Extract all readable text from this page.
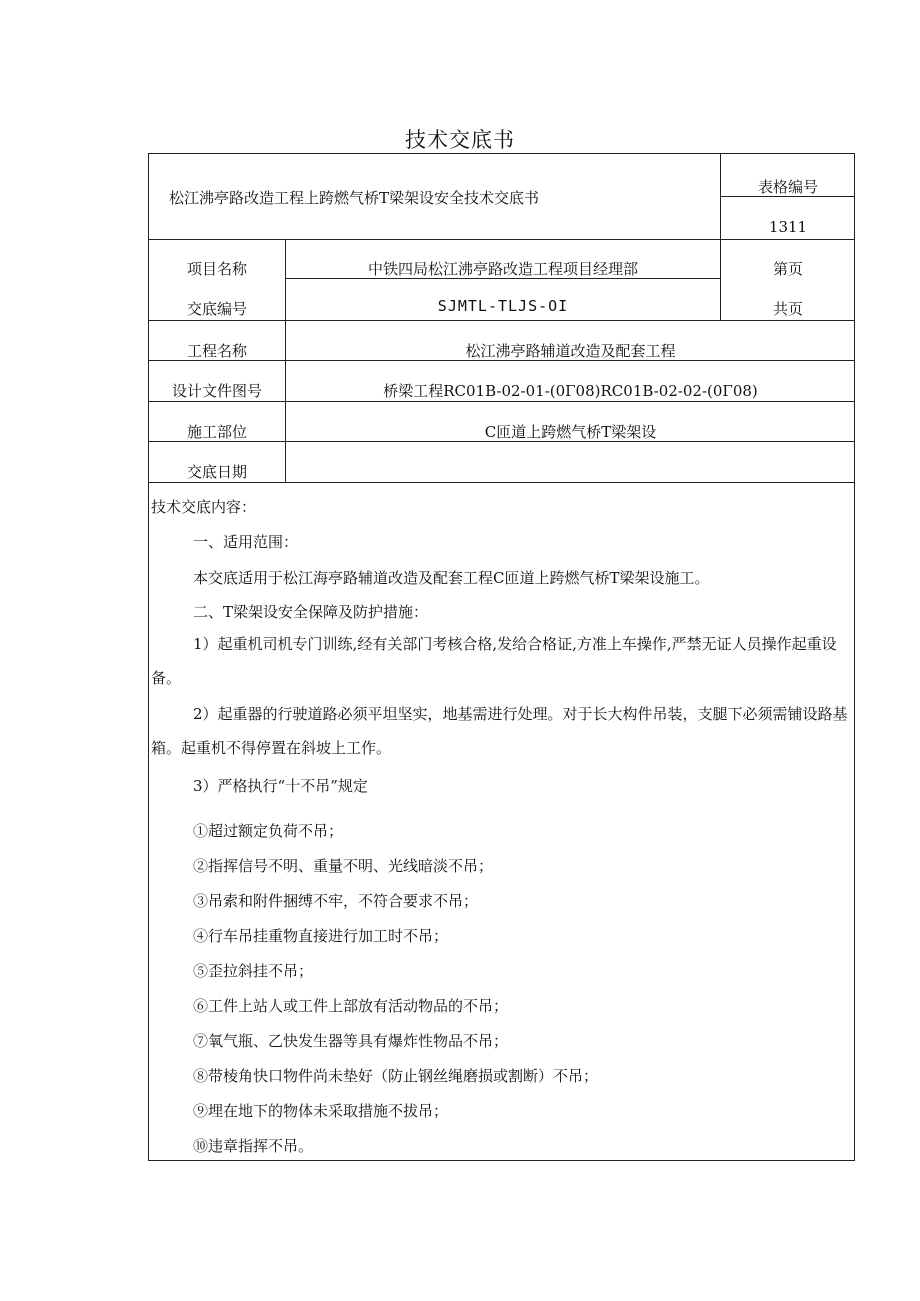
技术交底书
松江沸亭路改造工程上跨燃气桥T梁架设安全技术交底书
表格编号
1311
项目名称	中铁四局松江沸亭路改造工程项目经理部	第页
交底编号	SJMTL-TLJS-OI	共页
工程名称	松江沸亭路辅道改造及配套工程
设计文件图号	桥梁工程RC01B-02-01-(0Γ08)RC01B-02-02-(0Γ08)
施工部位	C匝道上跨燃气桥T梁架设
交底日期
技术交底内容：
一、适用范围：
本交底适用于松江海亭路辅道改造及配套工程C匝道上跨燃气桥T梁架设施工。
二、T梁架设安全保障及防护措施：
1）起重机司机专门训练,经有关部门考核合格,发给合格证,方准上车操作,严禁无证人员操作起重设备。
2）起重器的行驶道路必须平坦坚实，地基需进行处理。对于长大构件吊装，支腿下必须需铺设路基箱。起重机不得停置在斜坡上工作。
3）严格执行“十不吊”规定
①超过额定负荷不吊；
②指挥信号不明、重量不明、光线暗淡不吊；
③吊索和附件捆缚不牢，不符合要求不吊；
④行车吊挂重物直接进行加工时不吊；
⑤歪拉斜挂不吊；
⑥工件上站人或工件上部放有活动物品的不吊；
⑦氧气瓶、乙快发生器等具有爆炸性物品不吊；
⑧带棱角快口物件尚未垫好（防止钢丝绳磨损或割断）不吊；
⑨埋在地下的物体未采取措施不拔吊；
⑩违章指挥不吊。
